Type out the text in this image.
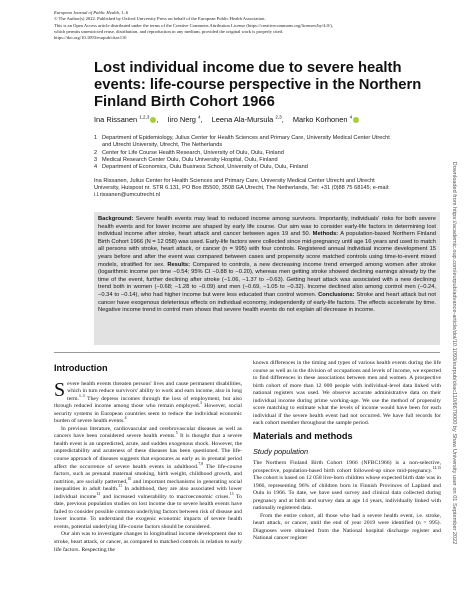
European Journal of Public Health, 1–6
© The Author(s) 2022. Published by Oxford University Press on behalf of the European Public Health Association.
This is an Open Access article distributed under the terms of the Creative Commons Attribution License (https://creativecommons.org/licenses/by/4.0/),
which permits unrestricted reuse, distribution, and reproduction in any medium, provided the original work is properly cited.
https://doi.org/10.1093/eurpub/ckac110
Downloaded from https://academic.oup.com/eurpub/advance-article/doi/10.1093/eurpub/ckac110/6679000 by Shaw University user on 01 September 2022
Lost individual income due to severe health events: life-course perspective in the Northern Finland Birth Cohort 1966
Ina Rissanen $^{1,2,3}$ , Iiro Nerg $^4$, Leena Ala-Mursula $^{2,3}$, Marko Korhonen $^4$
1 Department of Epidemiology, Julius Center for Health Sciences and Primary Care, University Medical Center Utrecht
and Utrecht University, Utrecht, The Netherlands
2 Center for Life Course Health Research, University of Oulu, Oulu, Finland
3 Medical Research Center Oulu, Oulu University Hospital, Oulu, Finland
4 Department of Economics, Oulu Business School, University of Oulu, Oulu, Finland
Ina Rissanen, Julius Center for Health Sciences and Primary Care, University Medical Center Utrecht and Utrecht
University, Huispost nr. STR 6.131, PO Box 85500, 3508 GA Utrecht, The Netherlands, Tel: +31 (0)88 75 68145; e-mail:
i.l.rissanen@umcutrecht.nl
Background: Severe health events may lead to reduced income among survivors. Importantly, individuals' risks for both severe health events and for lower income are shaped by early life course. Our aim was to consider early-life factors in determining lost individual income after stroke, heart attack and cancer between ages 19 and 50. Methods: A population-based Northern Finland Birth Cohort 1966 (N = 12 058) was used. Early-life factors were collected since mid-pregnancy until age 16 years and used to match all persons with stroke, heart attack, or cancer (n = 995) with four controls. Registered annual individual income development 15 years before and after the event was compared between cases and propensity score matched controls using time-to-event mixed models, stratified for sex. Results: Compared to controls, a new decreasing income trend emerged among women after stroke (logarithmic income per time −0.54; 95% CI −0.88 to −0.20), whereas men getting stroke showed declining earnings already by the time of the event, further declining after stroke (−1.06, −1.37 to −0.63). Getting heart attack was associated with a new declining trend both in women (−0.68; −1.28 to −0.09) and men (−0.69, −1.05 to −0.32). Income declined also among control men (−0.24, −0.34 to −0.14), who had higher income but were less educated than control women. Conclusions: Stroke and heart attack but not cancer have exogenous deleterious effects on individual economy, independently of early-life factors. The effects accelerate by time. Negative income trend in control men shows that severe health events do not explain all decrease in income.
Introduction

Severe health events threaten persons' lives and cause permanent disabilities, which in turn reduce survivors' ability to work and earn income, also in long term.$^{1-3}$ They depress incomes through the loss of employment, but also through reduced income among those who remain employed.$^3$ However, social security systems in European countries seem to reduce the individual economic burden of severe health events.$^4$

In previous literature, cardiovascular and cerebrovascular diseases as well as cancers have been considered severe health events.$^5$ It is thought that a severe health event is an unpredicted, acute, and sudden exogenous shock. However, the unpredictability and acuteness of these diseases has been questioned. The life-course approach of diseases suggests that exposures as early as in prenatal period affect the occurrence of severe health events in adulthood.$^{7,8}$ The life-course factors, such as prenatal maternal smoking, birth weight, childhood growth, and nutrition, are socially patterned,$^{10}$ and important mechanisms in generating social inequalities in adult health.$^{11}$ In adulthood, they are also associated with lower individual income$^{12}$ and increased vulnerability to macroeconomic crises.$^{13}$ To date, previous population studies on lost income due to severe health events have failed to consider possible common underlying factors between risk of disease and lower income. To understand the exogenic economic impacts of severe health events, potential underlying life-course factors should be considered.

Our aim was to investigate changes in longitudinal income development due to stroke, heart attack, or cancer, as compared to matched controls in relation to early life factors. Respecting the

known differences in the timing and types of various health events during the life course as well as in the division of occupations and levels of income, we expected to find differences in these associations between men and women. A prospective birth cohort of more than 12 000 people with individual-level data linked with national registers was used. We observe accurate administrative data on their individual income during prime working-age. We use the method of propensity score matching to estimate what the levels of income would have been for each individual if the severe health event had not occurred. We have full records for each cohort member throughout the sample period.

Materials and methods
Study population

The Northern Finland Birth Cohort 1966 (NFBC1966) is a non-selective, prospective, population-based birth cohort followed-up since mid-pregnancy.$^{14,15}$ The cohort is based on 12 058 live-born children whose expected birth date was in 1966, representing 96% of children born in Finnish Provinces of Lapland and Oulu in 1966. To date, we have used survey and clinical data collected during pregnancy and at birth and survey data at age 14 years, individually linked with nationally registered data.

From the entire cohort, all those who had a severe health event, i.e. stroke, heart attack, or cancer, until the end of year 2019 were identified (n = 995). Diagnoses were obtained from the National hospital discharge register and National cancer register
